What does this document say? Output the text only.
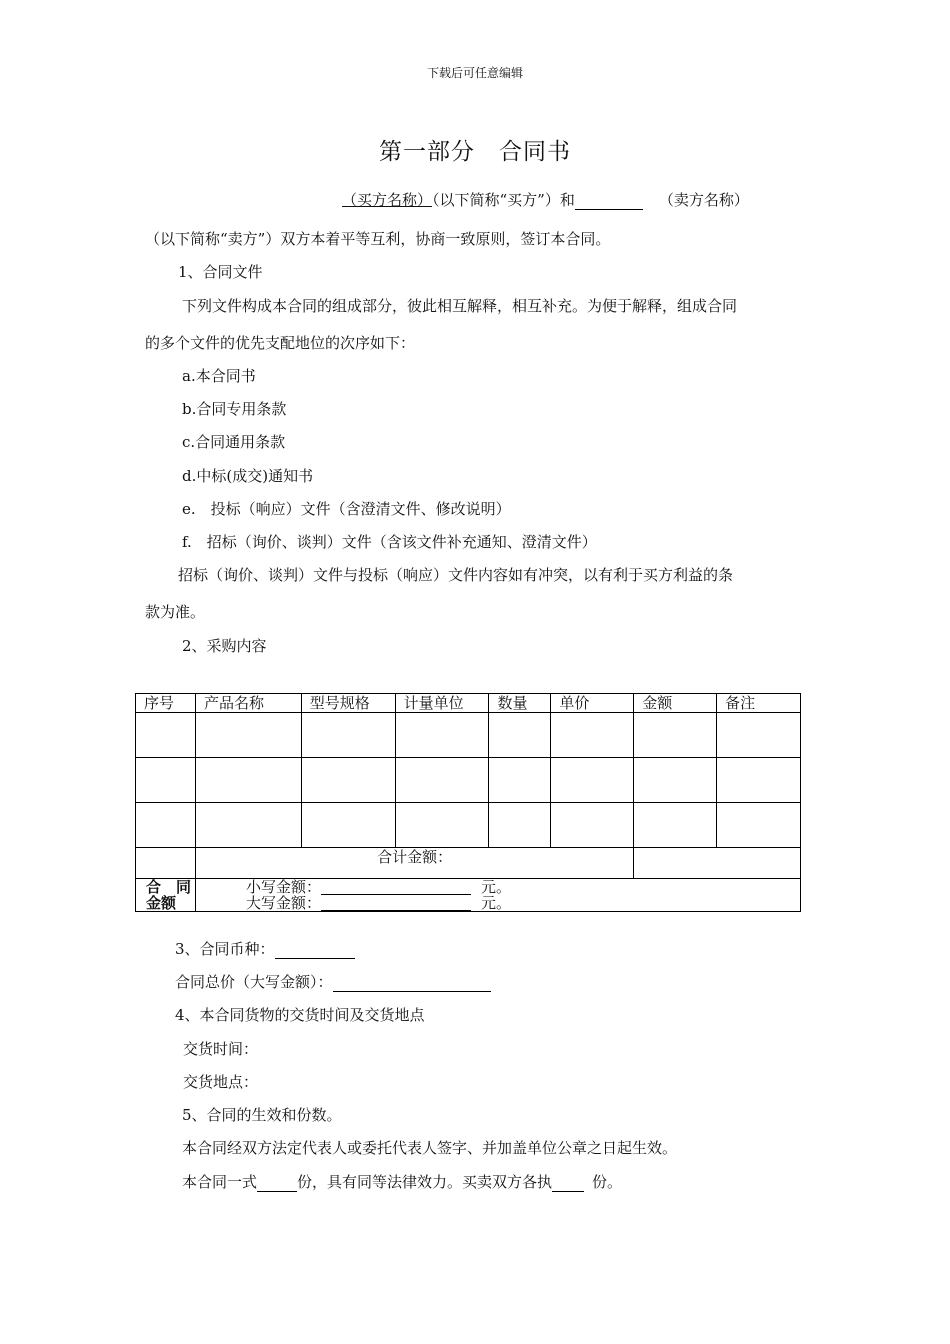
下载后可任意编辑
第一部分　合同书
（买方名称）（以下简称“买方”）和	（卖方名称）
（以下简称“卖方”）双方本着平等互利，协商一致原则，签订本合同。
1、合同文件
下列文件构成本合同的组成部分，彼此相互解释，相互补充。为便于解释，组成合同
的多个文件的优先支配地位的次序如下：
a.本合同书
b.合同专用条款
c.合同通用条款
d.中标(成交)通知书
e.　投标（响应）文件（含澄清文件、修改说明）
f.　招标（询价、谈判）文件（含该文件补充通知、澄清文件）
招标（询价、谈判）文件与投标（响应）文件内容如有冲突，以有利于买方利益的条
款为准。
2、采购内容
序号	产品名称	型号规格	计量单位	数量	单价	金额	备注

	合计金额：						
合　同
金额	小写金额： 元。
大写金额： 元。						
3、合同币种：
合同总价（大写金额）：
4、本合同货物的交货时间及交货地点
交货时间：
交货地点：
5、合同的生效和份数。
本合同经双方法定代表人或委托代表人签字、并加盖单位公章之日起生效。
本合同一式	份，具有同等法律效力。买卖双方各执	份。
